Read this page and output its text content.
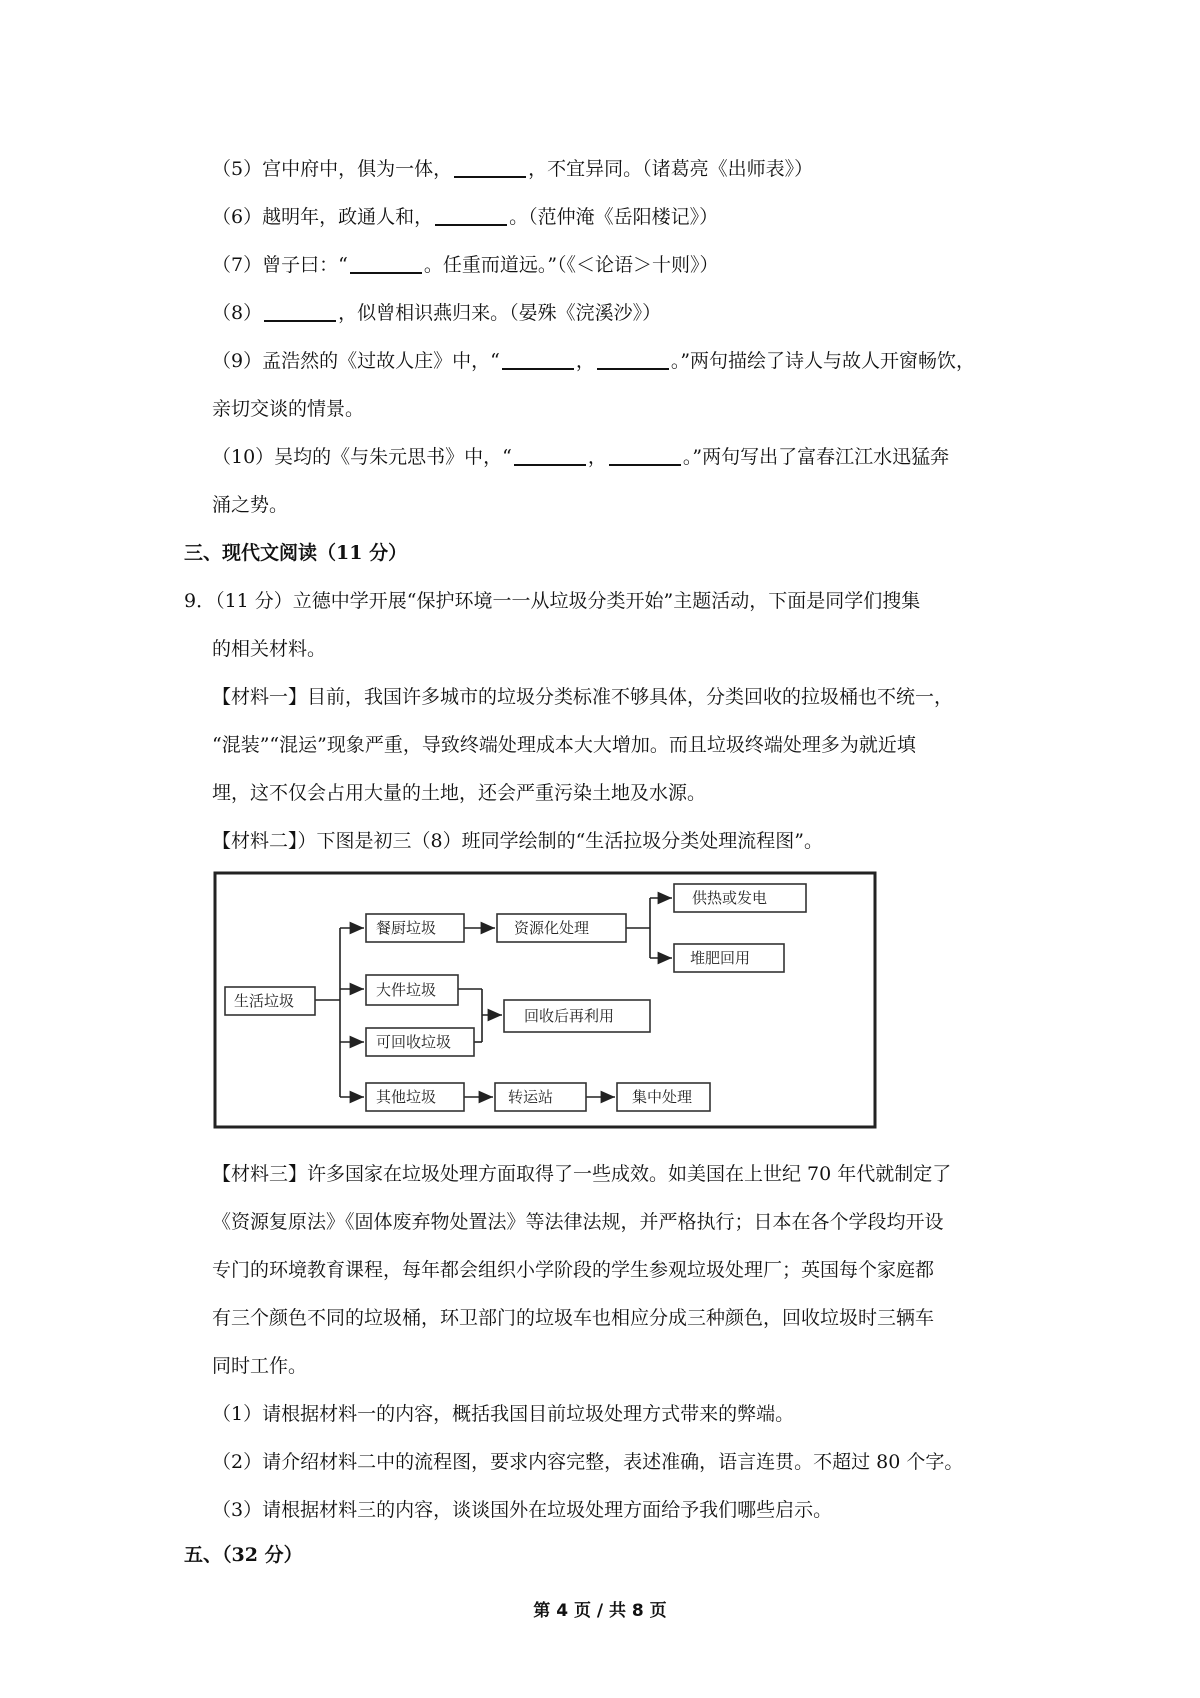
（5）宫中府中，俱为一体，	，不宜异同。（诸葛亮《出师表》）
（6）越明年，政通人和，	。（范仲淹《岳阳楼记》）
（7）曾子曰：“	。任重而道远。”（《＜论语＞十则》）
（8）	，似曾相识燕归来。（晏殊《浣溪沙》）
（9）孟浩然的《过故人庄》中，“	，	。”两句描绘了诗人与故人开窗畅饮，
亲切交谈的情景。
（10）吴均的《与朱元思书》中，“	，	。”两句写出了富春江江水迅猛奔
涌之势。
三、现代文阅读（11 分）
9．（11 分）立德中学开展“保护环境一一从垃圾分类开始”主题活动，下面是同学们搜集
的相关材料。
【材料一】目前，我国许多城市的垃圾分类标准不够具体，分类回收的拉圾桶也不统一，
“混装”“混运”现象严重，导致终端处理成本大大增加。而且垃圾终端处理多为就近填
埋，这不仅会占用大量的土地，还会严重污染土地及水源。
【材料二】）下图是初三（8）班同学绘制的“生活拉圾分类处理流程图”。
生活垃圾
餐厨垃圾	资源化处理
供热或发电
堆肥回用
大件垃圾
回收后再利用
可回收垃圾
其他垃圾	转运站	集中处理
【材料三】许多国家在垃圾处理方面取得了一些成效。如美国在上世纪 70 年代就制定了
《资源复原法》《固体废弃物处置法》等法律法规，并严格执行；日本在各个学段均开设
专门的环境教育课程，每年都会组织小学阶段的学生参观垃圾处理厂；英国每个家庭都
有三个颜色不同的垃圾桶，环卫部门的垃圾车也相应分成三种颜色，回收垃圾时三辆车
同时工作。
（1）请根据材料一的内容，概括我国目前垃圾处理方式带来的弊端。
（2）请介绍材料二中的流程图，要求内容完整，表述准确，语言连贯。不超过 80 个字。
（3）请根据材料三的内容，谈谈国外在垃圾处理方面给予我们哪些启示。
五、（32 分）
第 4 页 / 共 8 页
